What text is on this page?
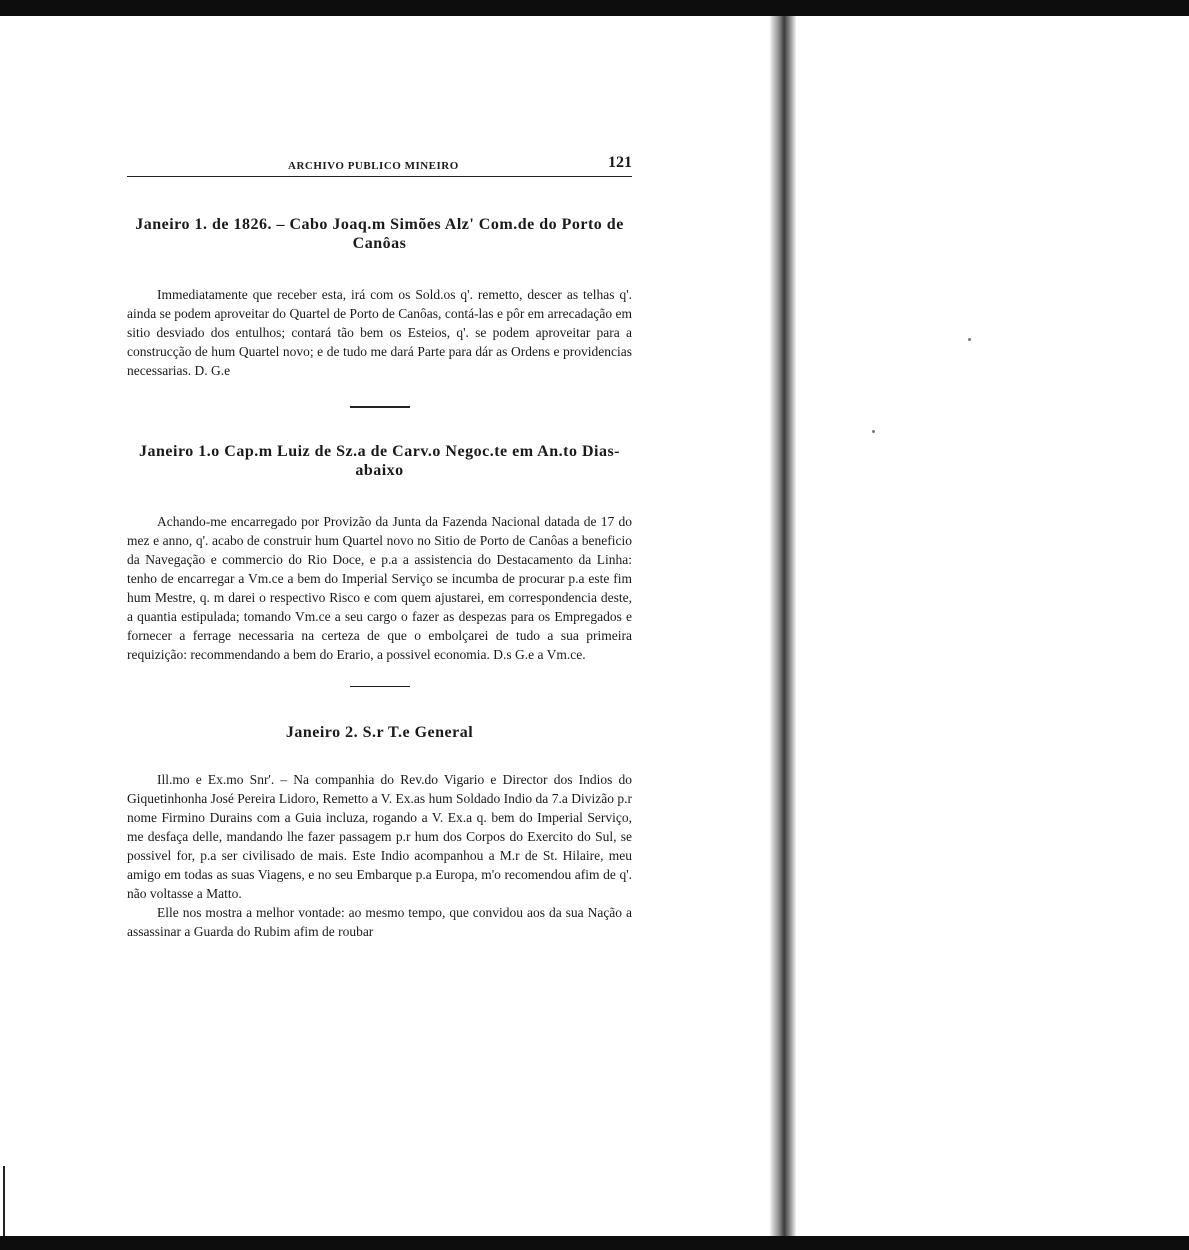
ARCHIVO PUBLICO MINEIRO	121
Janeiro 1. de 1826. – Cabo Joaq.m Simões Alz' Com.de do Porto de Canôas

Immediatamente que receber esta, irá com os Sold.os q'. remetto, descer as telhas q'. ainda se podem aproveitar do Quartel de Porto de Canôas, contá-las e pôr em arrecadação em sitio desviado dos entulhos; contará tão bem os Esteios, q'. se podem aproveitar para a construcção de hum Quartel novo; e de tudo me dará Parte para dár as Ordens e providencias necessarias. D. G.e

Janeiro 1.o Cap.m Luiz de Sz.a de Carv.o Negoc.te em An.to Dias-abaixo

Achando-me encarregado por Provizão da Junta da Fazenda Nacional datada de 17 do mez e anno, q'. acabo de construir hum Quartel novo no Sitio de Porto de Canôas a beneficio da Navegação e commercio do Rio Doce, e p.a a assistencia do Destacamento da Linha: tenho de encarregar a Vm.ce a bem do Imperial Serviço se incumba de procurar p.a este fim hum Mestre, q. m darei o respectivo Risco e com quem ajustarei, em correspondencia deste, a quantia estipulada; tomando Vm.ce a seu cargo o fazer as despezas para os Empregados e fornecer a ferrage necessaria na certeza de que o embolçarei de tudo a sua primeira requizição: recommendando a bem do Erario, a possivel economia. D.s G.e a Vm.ce.

Janeiro 2. S.r T.e General

Ill.mo e Ex.mo Snr'. – Na companhia do Rev.do Vigario e Director dos Indios do Giquetinhonha José Pereira Lidoro, Remetto a V. Ex.as hum Soldado Indio da 7.a Divizão p.r nome Firmino Durains com a Guia incluza, rogando a V. Ex.a q. bem do Imperial Serviço, me desfaça delle, mandando lhe fazer passagem p.r hum dos Corpos do Exercito do Sul, se possivel for, p.a ser civilisado de mais. Este Indio acompanhou a M.r de St. Hilaire, meu amigo em todas as suas Viagens, e no seu Embarque p.a Europa, m'o recomendou afim de q'. não voltasse a Matto.

Elle nos mostra a melhor vontade: ao mesmo tempo, que convidou aos da sua Nação a assassinar a Guarda do Rubim afim de roubar
